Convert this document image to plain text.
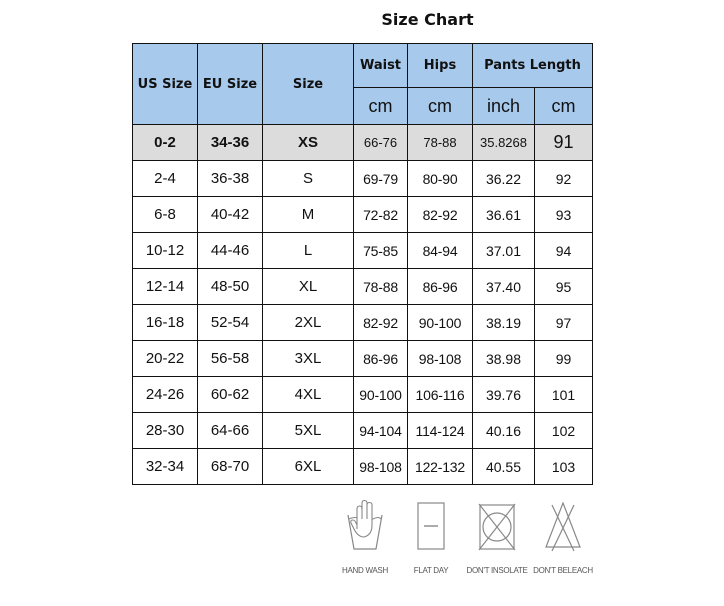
Size Chart
US Size	EU Size	Size	Waist	Hips	Pants Length	
			cm	cm	inch	cm
0-2	34-36	XS	66-76	78-88	35.8268	91
2-4	36-38	S	69-79	80-90	36.22	92
6-8	40-42	M	72-82	82-92	36.61	93
10-12	44-46	L	75-85	84-94	37.01	94
12-14	48-50	XL	78-88	86-96	37.40	95
16-18	52-54	2XL	82-92	90-100	38.19	97
20-22	56-58	3XL	86-96	98-108	38.98	99
24-26	60-62	4XL	90-100	106-116	39.76	101
28-30	64-66	5XL	94-104	114-124	40.16	102
32-34	68-70	6XL	98-108	122-132	40.55	103
HAND WASH	FLAT DAY	DON'T INSOLATE DON'T BELEACH
